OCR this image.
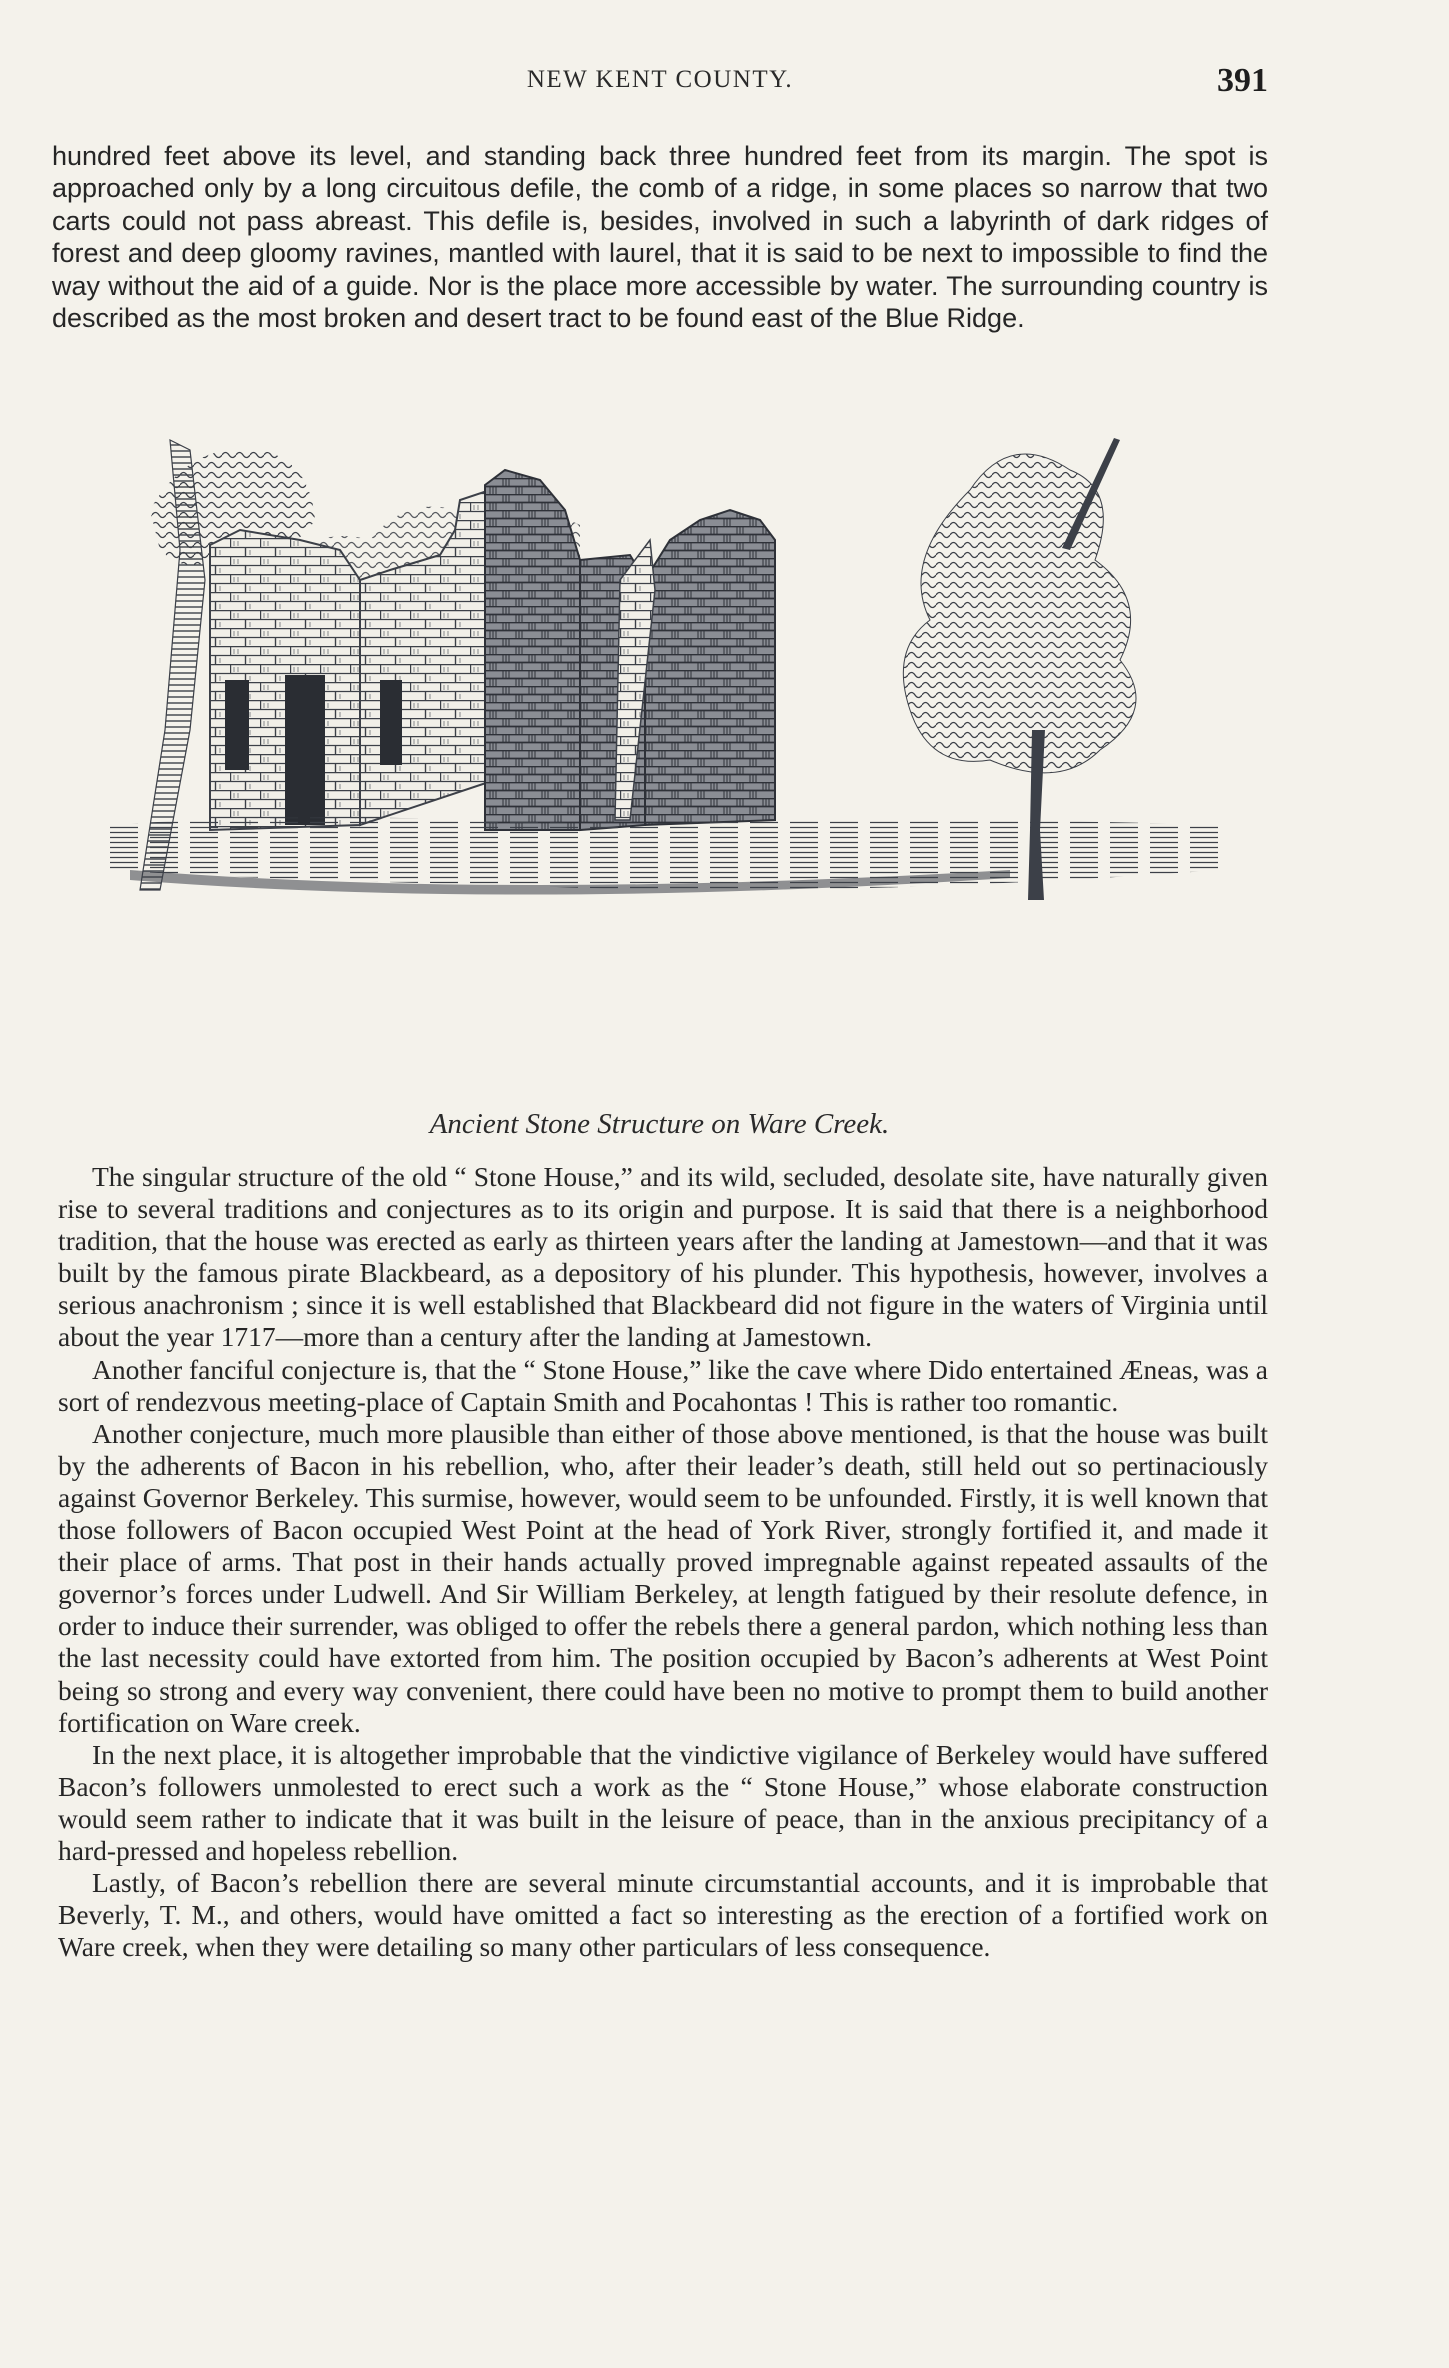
NEW KENT COUNTY.	391

hundred feet above its level, and standing back three hundred feet from its margin. The spot is approached only by a long circuitous defile, the comb of a ridge, in some places so narrow that two carts could not pass abreast. This defile is, besides, involved in such a labyrinth of dark ridges of forest and deep gloomy ravines, mantled with laurel, that it is said to be next to impossible to find the way without the aid of a guide. Nor is the place more accessible by water. The surrounding country is described as the most broken and desert tract to be found east of the Blue Ridge.

Ancient Stone Structure on Ware Creek.

The singular structure of the old “ Stone House,” and its wild, secluded, desolate site, have naturally given rise to several traditions and conjectures as to its origin and purpose. It is said that there is a neighborhood tradition, that the house was erected as early as thirteen years after the landing at Jamestown—and that it was built by the famous pirate Blackbeard, as a depository of his plunder. This hypothesis, however, involves a serious anachronism ; since it is well established that Blackbeard did not figure in the waters of Virginia until about the year 1717—more than a century after the landing at Jamestown.

Another fanciful conjecture is, that the “ Stone House,” like the cave where Dido entertained Æneas, was a sort of rendezvous meeting-place of Captain Smith and Pocahontas ! This is rather too romantic.

Another conjecture, much more plausible than either of those above mentioned, is that the house was built by the adherents of Bacon in his rebellion, who, after their leader’s death, still held out so pertinaciously against Governor Berkeley. This surmise, however, would seem to be unfounded. Firstly, it is well known that those followers of Bacon occupied West Point at the head of York River, strongly fortified it, and made it their place of arms. That post in their hands actually proved impregnable against repeated assaults of the governor’s forces under Ludwell. And Sir William Berkeley, at length fatigued by their resolute defence, in order to induce their surrender, was obliged to offer the rebels there a general pardon, which nothing less than the last necessity could have extorted from him. The position occupied by Bacon’s adherents at West Point being so strong and every way convenient, there could have been no motive to prompt them to build another fortification on Ware creek.

In the next place, it is altogether improbable that the vindictive vigilance of Berkeley would have suffered Bacon’s followers unmolested to erect such a work as the “ Stone House,” whose elaborate construction would seem rather to indicate that it was built in the leisure of peace, than in the anxious precipitancy of a hard-pressed and hopeless rebellion.

Lastly, of Bacon’s rebellion there are several minute circumstantial accounts, and it is improbable that Beverly, T. M., and others, would have omitted a fact so interesting as the erection of a fortified work on Ware creek, when they were detailing so many other particulars of less consequence.
